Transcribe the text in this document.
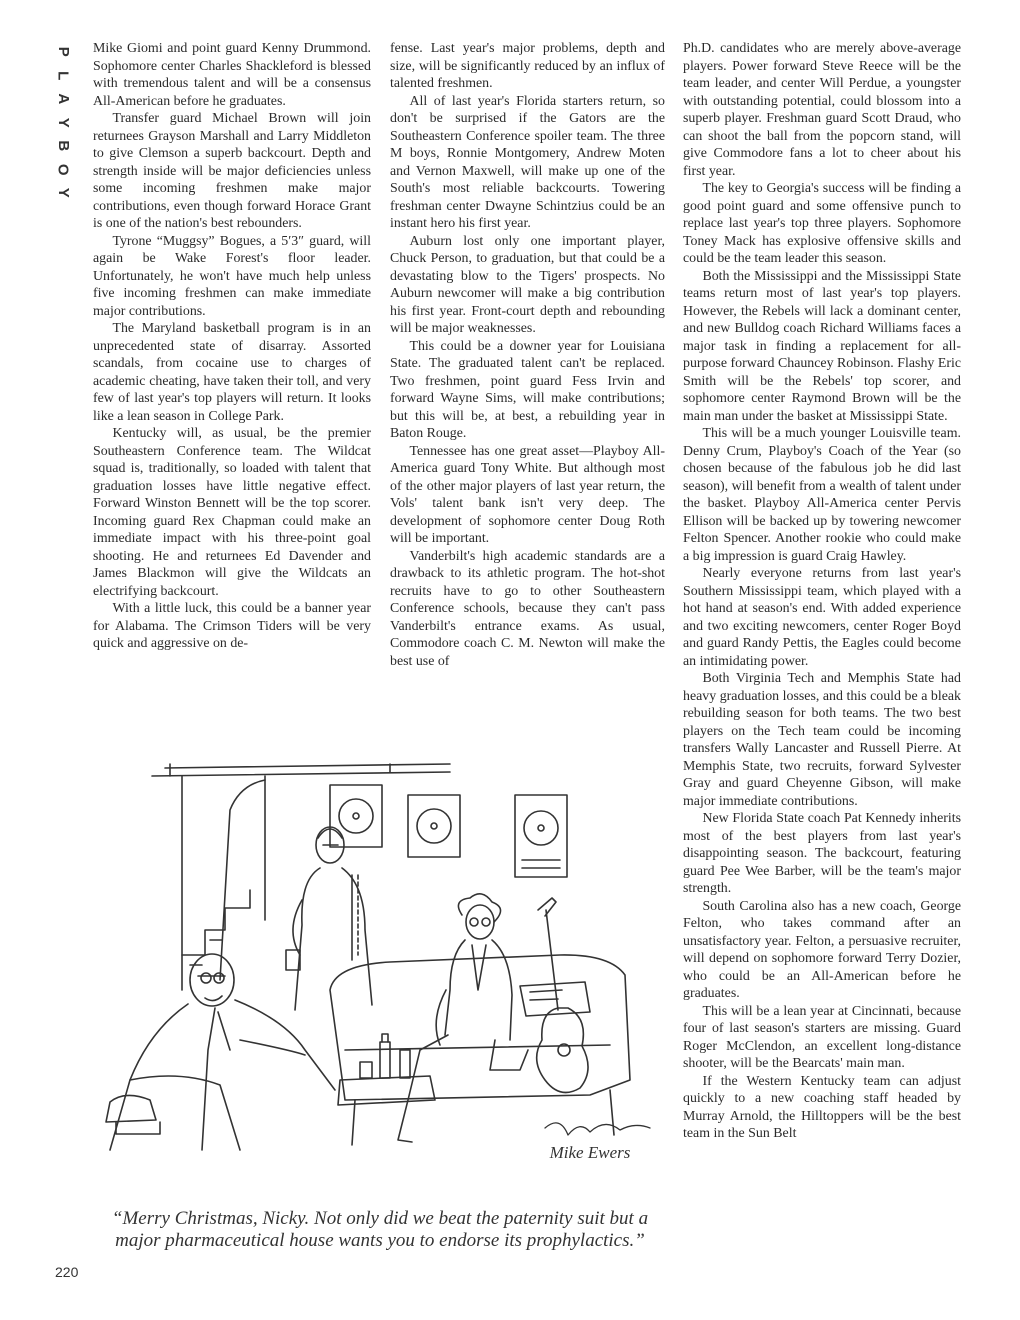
P
L
A
Y
B
O
Y

Mike Giomi and point guard Kenny Drummond. Sophomore center Charles Shackleford is blessed with tremendous talent and will be a consensus All-American before he graduates.

Transfer guard Michael Brown will join returnees Grayson Marshall and Larry Middleton to give Clemson a superb backcourt. Depth and strength inside will be major deficiencies unless some incoming freshmen make major contributions, even though forward Horace Grant is one of the nation's best rebounders.

Tyrone “Muggsy” Bogues, a 5′3″ guard, will again be Wake Forest's floor leader. Unfortunately, he won't have much help unless five incoming freshmen can make immediate major contributions.

The Maryland basketball program is in an unprecedented state of disarray. Assorted scandals, from cocaine use to charges of academic cheating, have taken their toll, and very few of last year's top players will return. It looks like a lean season in College Park.

Kentucky will, as usual, be the premier Southeastern Conference team. The Wildcat squad is, traditionally, so loaded with talent that graduation losses have little negative effect. Forward Winston Bennett will be the top scorer. Incoming guard Rex Chapman could make an immediate impact with his three-point goal shooting. He and returnees Ed Davender and James Blackmon will give the Wildcats an electrifying backcourt.

With a little luck, this could be a banner year for Alabama. The Crimson Tiders will be very quick and aggressive on de-

fense. Last year's major problems, depth and size, will be significantly reduced by an influx of talented freshmen.

All of last year's Florida starters return, so don't be surprised if the Gators are the Southeastern Conference spoiler team. The three M boys, Ronnie Montgomery, Andrew Moten and Vernon Maxwell, will make up one of the South's most reliable backcourts. Towering freshman center Dwayne Schintzius could be an instant hero his first year.

Auburn lost only one important player, Chuck Person, to graduation, but that could be a devastating blow to the Tigers' prospects. No Auburn newcomer will make a big contribution his first year. Front-court depth and rebounding will be major weaknesses.

This could be a downer year for Louisiana State. The graduated talent can't be replaced. Two freshmen, point guard Fess Irvin and forward Wayne Sims, will make contributions; but this will be, at best, a rebuilding year in Baton Rouge.

Tennessee has one great asset—Playboy All-America guard Tony White. But although most of the other major players of last year return, the Vols' talent bank isn't very deep. The development of sophomore center Doug Roth will be important.

Vanderbilt's high academic standards are a drawback to its athletic program. The hot-shot recruits have to go to other Southeastern Conference schools, because they can't pass Vanderbilt's entrance exams. As usual, Commodore coach C. M. Newton will make the best use of

Ph.D. candidates who are merely above-average players. Power forward Steve Reece will be the team leader, and center Will Perdue, a youngster with outstanding potential, could blossom into a superb player. Freshman guard Scott Draud, who can shoot the ball from the popcorn stand, will give Commodore fans a lot to cheer about his first year.

The key to Georgia's success will be finding a good point guard and some offensive punch to replace last year's top three players. Sophomore Toney Mack has explosive offensive skills and could be the team leader this season.

Both the Mississippi and the Mississippi State teams return most of last year's top players. However, the Rebels will lack a dominant center, and new Bulldog coach Richard Williams faces a major task in finding a replacement for all-purpose forward Chauncey Robinson. Flashy Eric Smith will be the Rebels' top scorer, and sophomore center Raymond Brown will be the main man under the basket at Mississippi State.

This will be a much younger Louisville team. Denny Crum, Playboy's Coach of the Year (so chosen because of the fabulous job he did last season), will benefit from a wealth of talent under the basket. Playboy All-America center Pervis Ellison will be backed up by towering newcomer Felton Spencer. Another rookie who could make a big impression is guard Craig Hawley.

Nearly everyone returns from last year's Southern Mississippi team, which played with a hot hand at season's end. With added experience and two exciting newcomers, center Roger Boyd and guard Randy Pettis, the Eagles could become an intimidating power.

Both Virginia Tech and Memphis State had heavy graduation losses, and this could be a bleak rebuilding season for both teams. The two best players on the Tech team could be incoming transfers Wally Lancaster and Russell Pierre. At Memphis State, two recruits, forward Sylvester Gray and guard Cheyenne Gibson, will make major immediate contributions.

New Florida State coach Pat Kennedy inherits most of the best players from last year's disappointing season. The backcourt, featuring guard Pee Wee Barber, will be the team's major strength.

South Carolina also has a new coach, George Felton, who takes command after an unsatisfactory year. Felton, a persuasive recruiter, will depend on sophomore forward Terry Dozier, who could be an All-American before he graduates.

This will be a lean year at Cincinnati, because four of last season's starters are missing. Guard Roger McClendon, an excellent long-distance shooter, will be the Bearcats' main man.

If the Western Kentucky team can adjust quickly to a new coaching staff headed by Murray Arnold, the Hilltoppers will be the best team in the Sun Belt

Mike Ewers
“Merry Christmas, Nicky. Not only did we beat the paternity suit but a major pharmaceutical house wants you to endorse its prophylactics.”
220
